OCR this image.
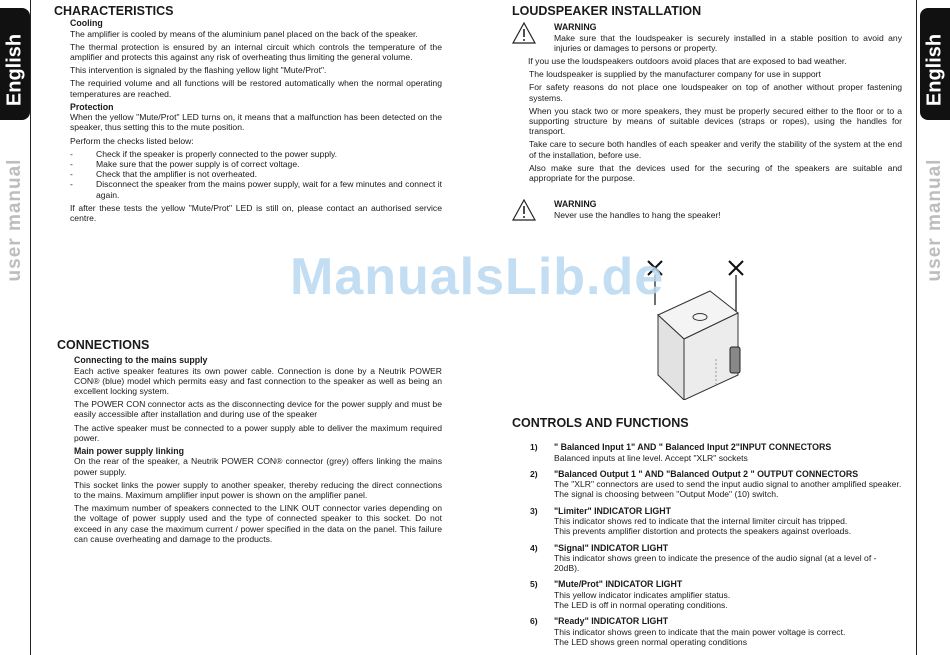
English
user manual
English
user manual
CHARACTERISTICS
Cooling

The amplifier is cooled by means of the aluminium panel placed on the back of the speaker.

The thermal protection is ensured by an internal circuit which controls the temperature of the amplifier and protects this against any risk of overheating thus limiting the general volume.

This intervention is signaled by the flashing yellow light "Mute/Prot".

The requiried volume and all functions will be restored automatically when the normal operating temperatures are reached.

Protection

When the yellow "Mute/Prot" LED turns on, it means that a malfunction has been detected on the speaker, thus setting this to the mute position.

Perform the checks listed below:

- Check if the speaker is properly connected to the power supply.
- Make sure that the power supply is of correct voltage.
- Check that the amplifier is not overheated.
- Disconnect the speaker from the mains power supply, wait for a few minutes and connect it again.

If after these tests the yellow "Mute/Prot" LED is still on, please contact an authorised service centre.

CONNECTIONS
Connecting to the mains supply

Each active speaker features its own power cable. Connection is done by a Neutrik POWER CON® (blue) model which permits easy and fast connection to the speaker as well as being an excellent locking system.

The POWER CON connector acts as the disconnecting device for the power supply and must be easily accessible after installation and during use of the speaker

The active speaker must be connected to a power supply able to deliver the maximum required power.

Main power supply linking

On the rear of the speaker, a Neutrik POWER CON® connector (grey) offers linking the mains power supply.

This socket links the power supply to another speaker, thereby reducing the direct connections to the mains. Maximum amplifier input power is shown on the amplifier panel.

The maximum number of speakers connected to the LINK OUT connector varies depending on the voltage of power supply used and the type of connected speaker to this socket. Do not exceed in any case the maximum current / power specified in the data on the panel. This failure can cause overheating and damage to the products.

LOUDSPEAKER INSTALLATION
WARNING

Make sure that the loudspeaker is securely installed in a stable position to avoid any injuries or damages to persons or property.

If you use the loudspeakers outdoors avoid places that are exposed to bad weather.

The loudspeaker is supplied by the manufacturer company for use in support

For safety reasons do not place one loudspeaker on top of another without proper fastening systems.

When you stack two or more speakers, they must be properly secured either to the floor or to a supporting structure by means of suitable devices (straps or ropes), using the handles for transport.

Take care to secure both handles of each speaker and verify the stability of the system at the end of the installation, before use.

Also make sure that the devices used for the securing of the speakers are suitable and appropriate for the purpose.

WARNING

Never use the handles to hang the speaker!

CONTROLS AND FUNCTIONS
1) " Balanced Input 1" AND " Balanced Input 2"INPUT CONNECTORS
Balanced inputs at line level. Accept "XLR" sockets
2) "Balanced Output 1 " AND "Balanced Output 2 " OUTPUT CONNECTORS
The "XLR" connectors are used to send the input audio signal to another amplified speaker.
The signal is choosing between "Output Mode" (10) switch.
3) "Limiter" INDICATOR LIGHT
This indicator shows red to indicate that the internal limiter circuit has tripped.
This prevents amplifier distortion and protects the speakers against overloads.
4) "Signal" INDICATOR LIGHT
This indicator shows green to indicate the presence of the audio signal (at a level of - 20dB).
5) "Mute/Prot" INDICATOR LIGHT
This yellow indicator indicates amplifier status.
The LED is off in normal operating conditions.
6) "Ready" INDICATOR LIGHT
This indicator shows green to indicate that the main power voltage is correct.
The LED shows green normal operating conditions
ManualsLib.de
